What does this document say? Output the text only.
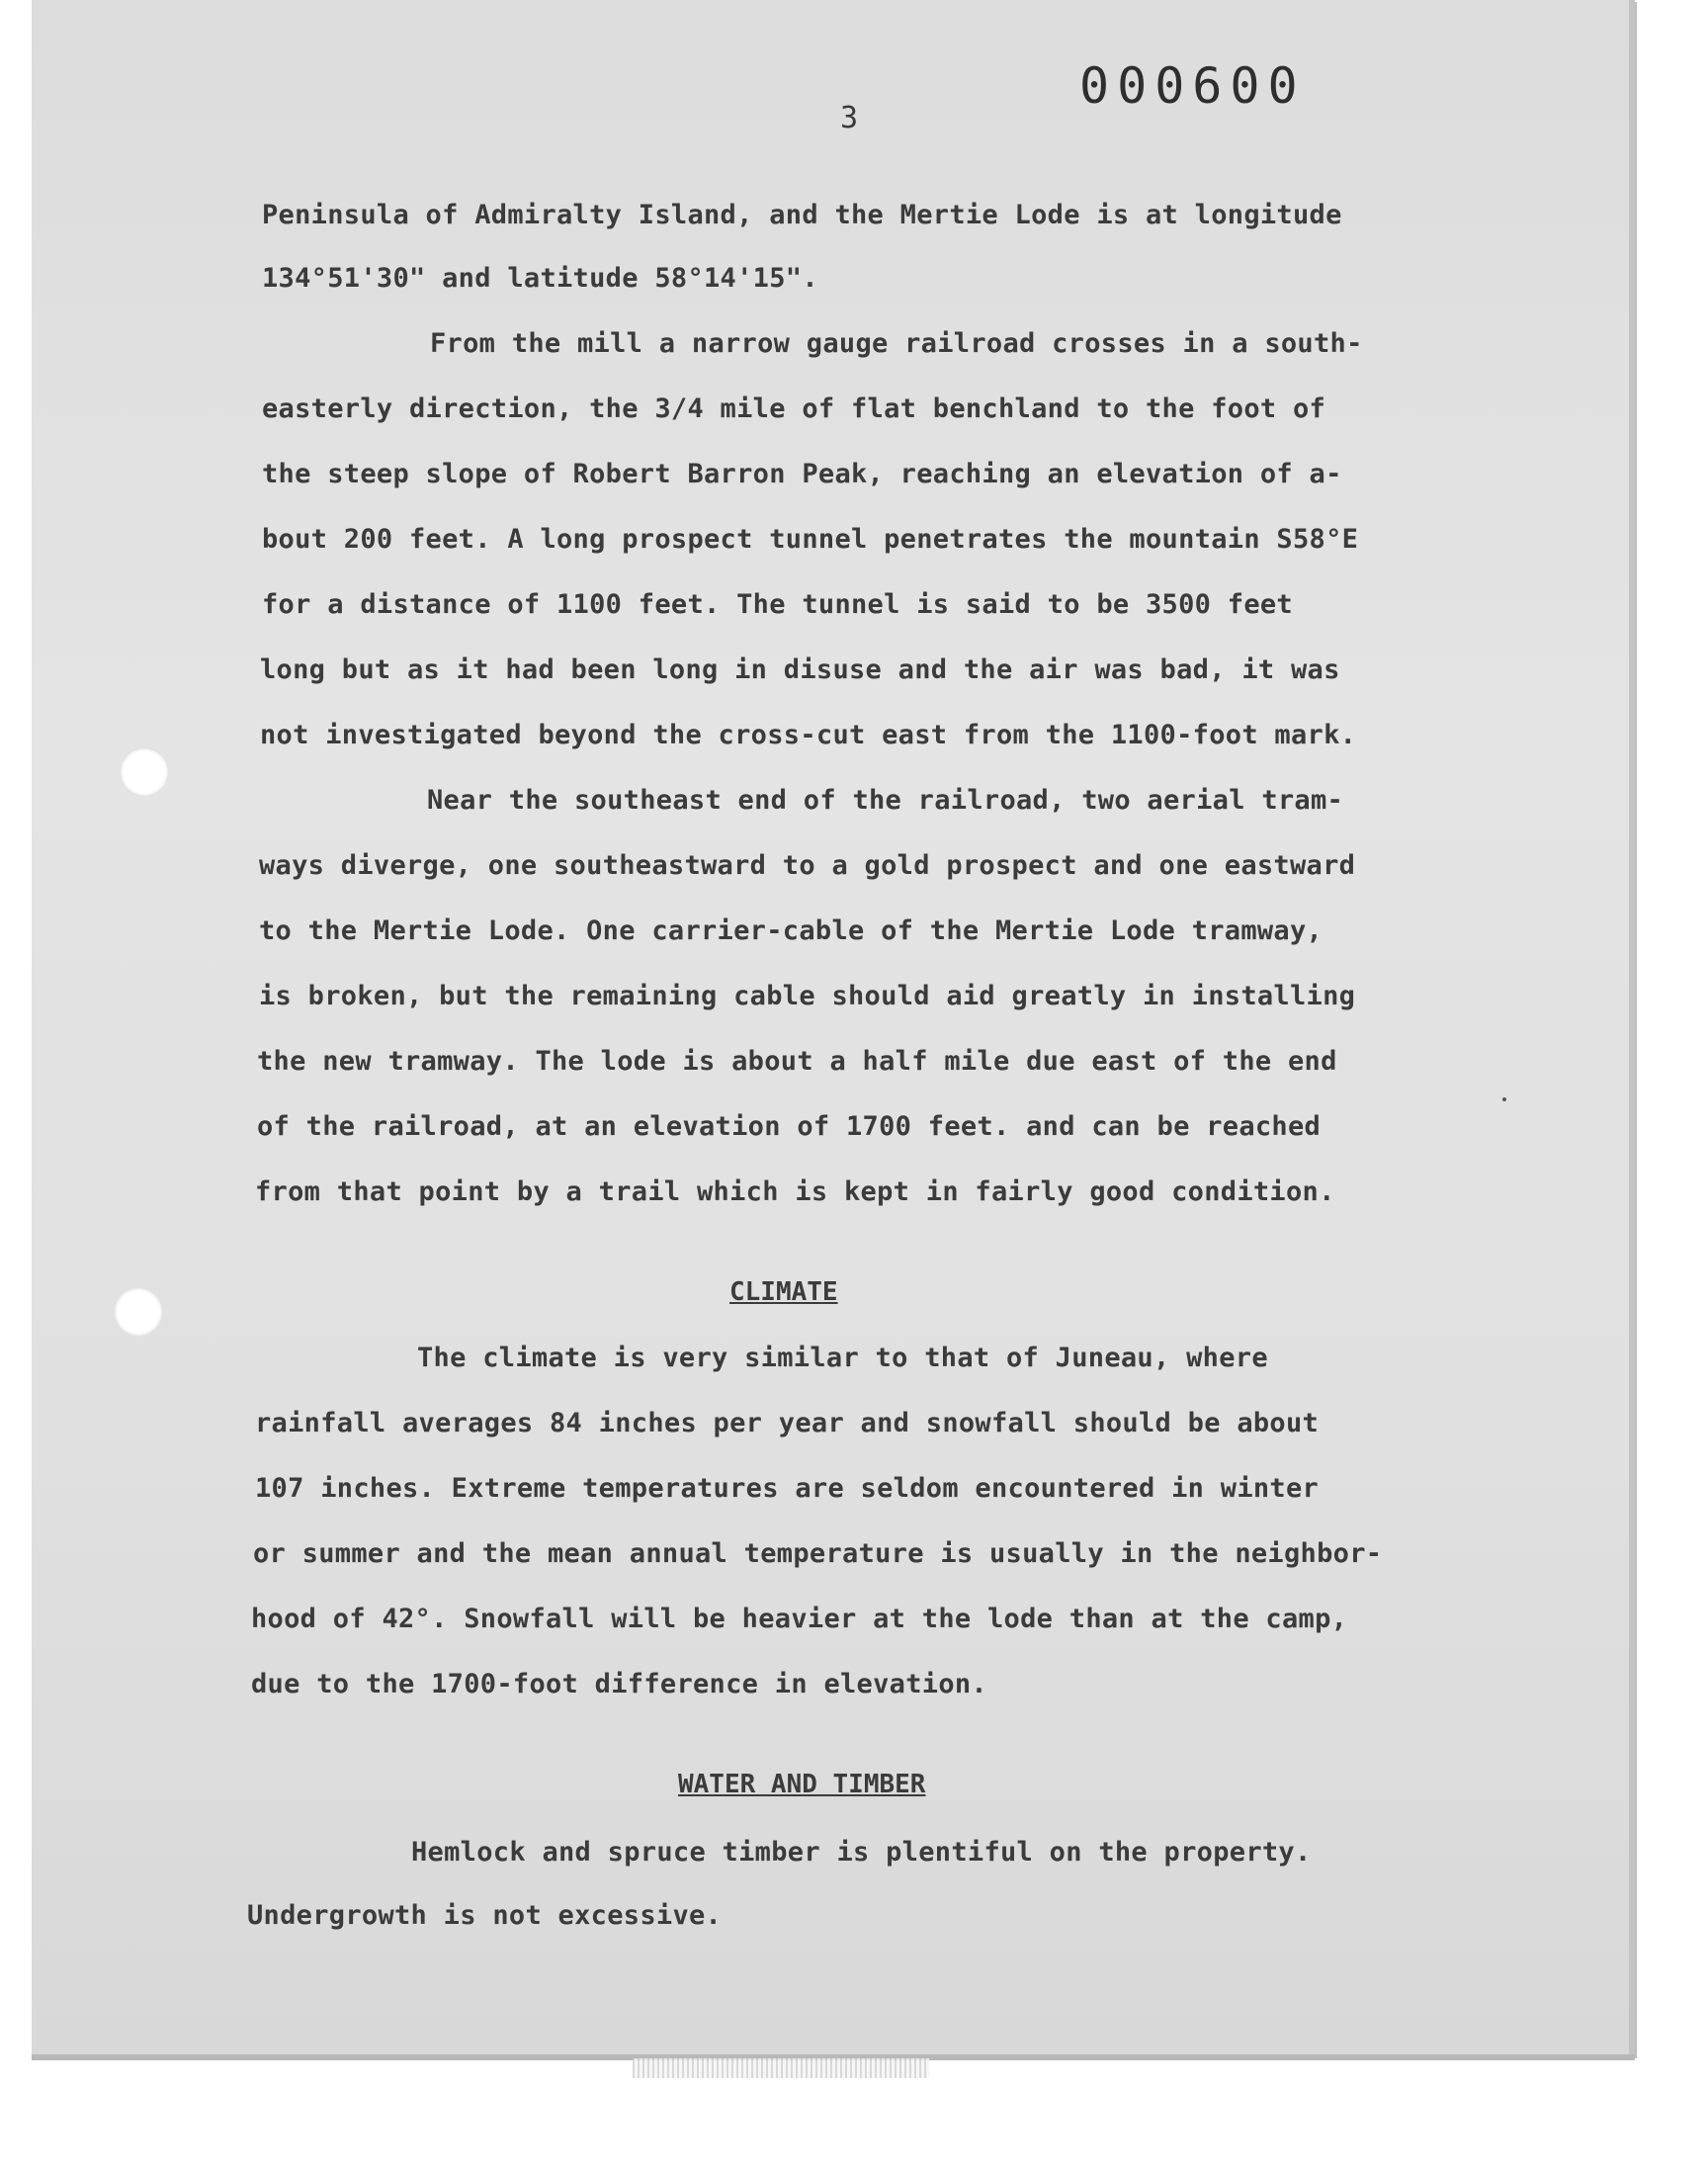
000600
3
Peninsula of Admiralty Island, and the Mertie Lode is at longitude
134°51'30" and latitude 58°14'15".
From the mill a narrow gauge railroad crosses in a south-
easterly direction, the 3/4 mile of flat benchland to the foot of
the steep slope of Robert Barron Peak, reaching an elevation of a-
bout 200 feet. A long prospect tunnel penetrates the mountain S58°E
for a distance of 1100 feet. The tunnel is said to be 3500 feet
long but as it had been long in disuse and the air was bad, it was
not investigated beyond the cross-cut east from the 1100-foot mark.
Near the southeast end of the railroad, two aerial tram-
ways diverge, one southeastward to a gold prospect and one eastward
to the Mertie Lode. One carrier-cable of the Mertie Lode tramway,
is broken, but the remaining cable should aid greatly in installing
the new tramway. The lode is about a half mile due east of the end
of the railroad, at an elevation of 1700 feet. and can be reached
from that point by a trail which is kept in fairly good condition.
CLIMATE
The climate is very similar to that of Juneau, where
rainfall averages 84 inches per year and snowfall should be about
107 inches. Extreme temperatures are seldom encountered in winter
or summer and the mean annual temperature is usually in the neighbor-
hood of 42°. Snowfall will be heavier at the lode than at the camp,
due to the 1700-foot difference in elevation.
WATER AND TIMBER
Hemlock and spruce timber is plentiful on the property.
Undergrowth is not excessive.
